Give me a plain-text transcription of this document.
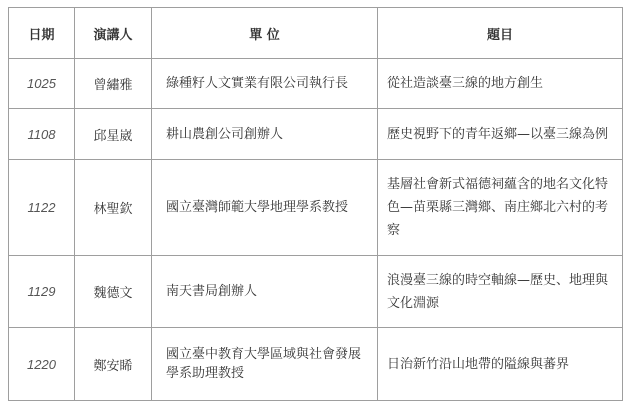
日期	演講人	單 位	題目
1025	曾繡雅	綠種籽人文實業有限公司執行長	從社造談臺三線的地方創生
1108	邱星崴	耕山農創公司創辦人	歷史視野下的青年返鄉—以臺三線為例
1122	林聖欽	國立臺灣師範大學地理學系教授	基層社會新式福德祠蘊含的地名文化特色—苗栗縣三灣鄉、南庄鄉北六村的考察
1129	魏德文	南天書局創辦人	浪漫臺三線的時空軸線—歷史、地理與文化淵源
1220	鄭安睎	國立臺中教育大學區域與社會發展學系助理教授	日治新竹沿山地帶的隘線與蕃界
